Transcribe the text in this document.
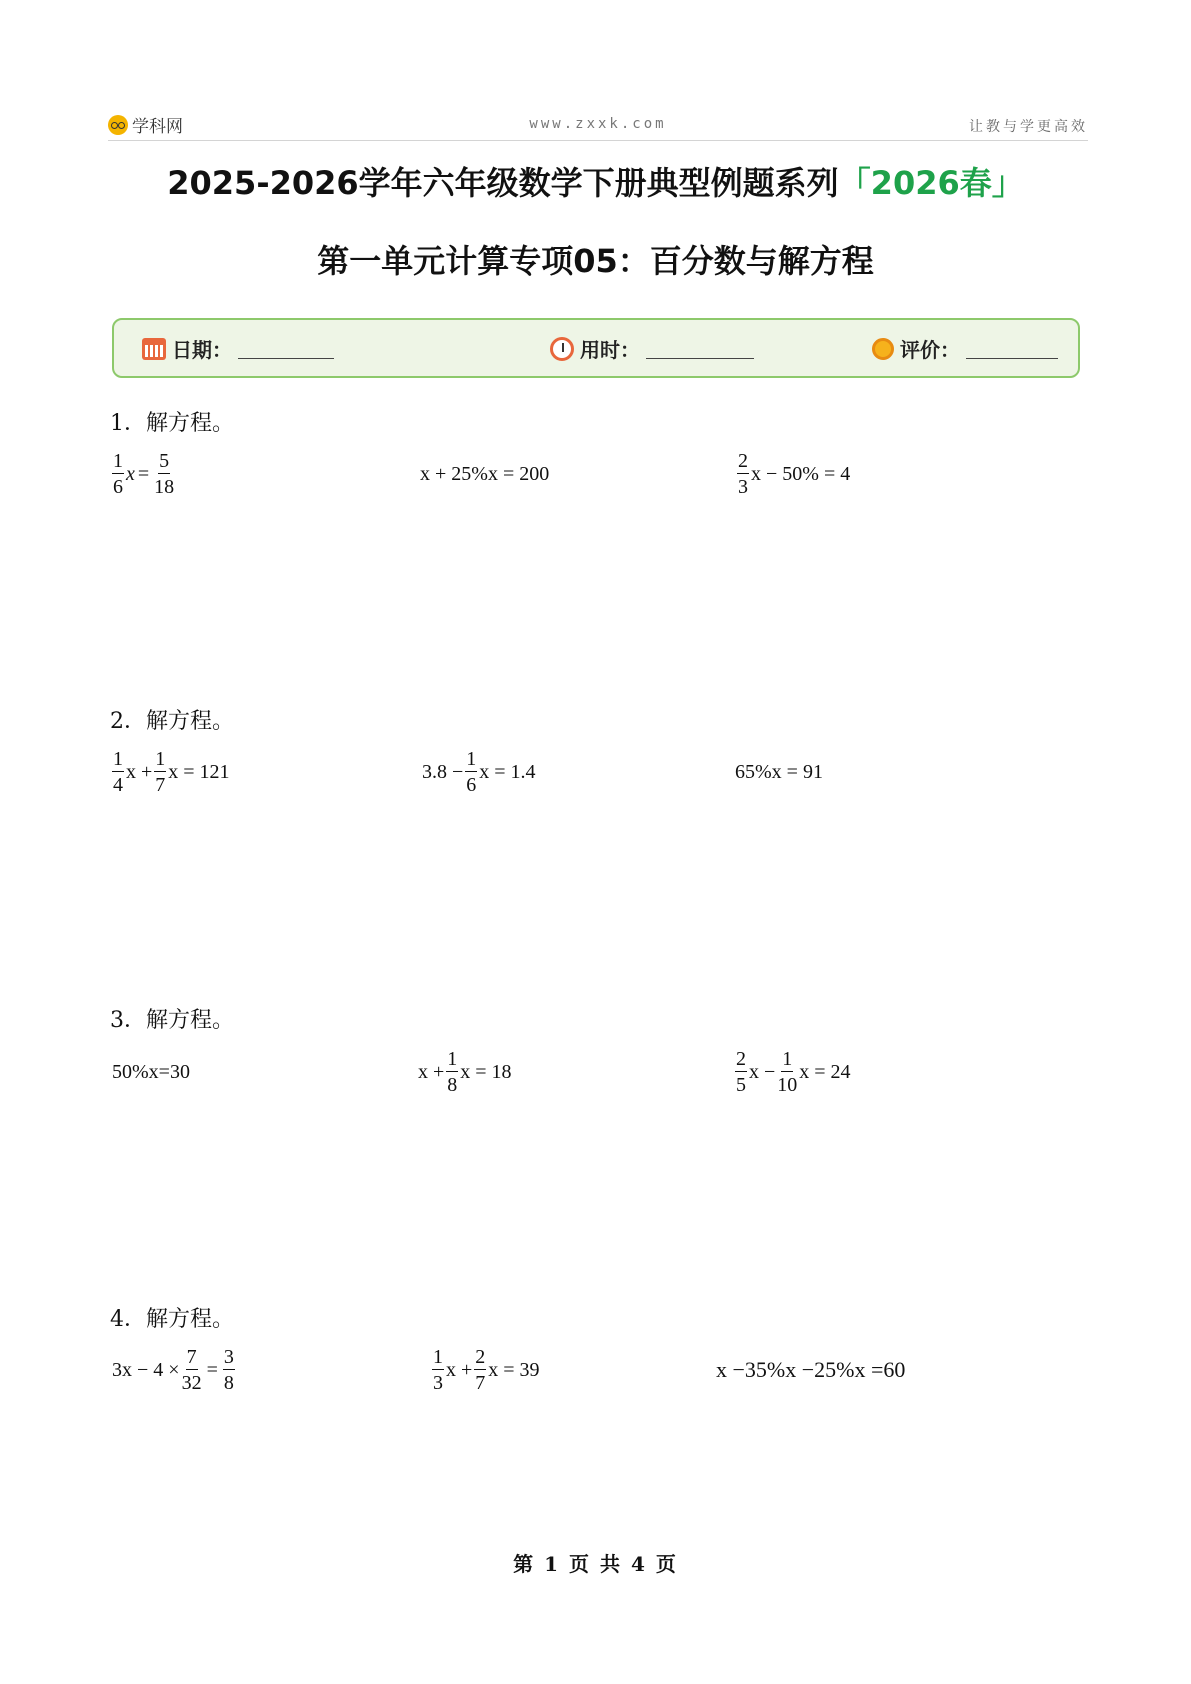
学科网	www.zxxk.com	让教与学更高效
2025-2026学年六年级数学下册典型例题系列「2026春」
第一单元计算专项05：百分数与解方程
日期：	用时：	评价：
1．解方程。
$\frac{1}{6}$ $x = \frac{5}{18}$	x + 25%x = 200	$\frac{2}{3}$ x − 50% = 4
2．解方程。
$\frac{1}{4}$ $x + \frac{1}{7}$ x = 121	$3.8 - \frac{1}{6}$ x = 1.4	65%x = 91
3．解方程。
50%x=30	$x + \frac{1}{8}$ x = 18	$\frac{2}{5}$ $x - \frac{1}{10}$ x = 24
4．解方程。
$3x - 4 \times \frac{7}{32} = \frac{3}{8}$	$\frac{1}{3}$ $x + \frac{2}{7}$ x = 39	x −35%x −25%x =60
第 1 页 共 4 页
